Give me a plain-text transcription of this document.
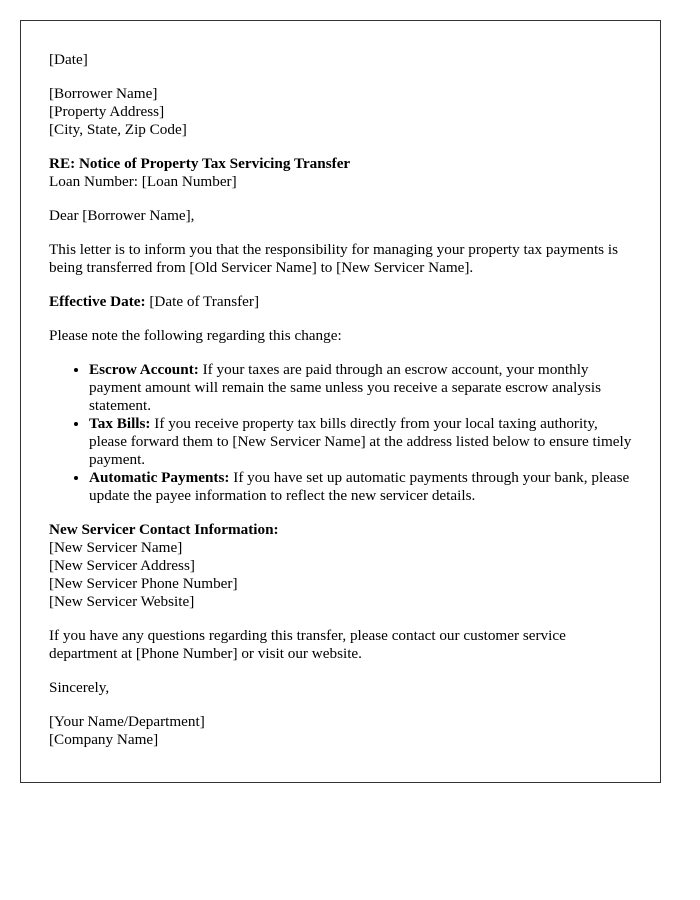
[Date]

[Borrower Name]
[Property Address]
[City, State, Zip Code]

RE: Notice of Property Tax Servicing Transfer
Loan Number: [Loan Number]

Dear [Borrower Name],

This letter is to inform you that the responsibility for managing your property tax payments is being transferred from [Old Servicer Name] to [New Servicer Name].

Effective Date: [Date of Transfer]

Please note the following regarding this change:

• Escrow Account: If your taxes are paid through an escrow account, your monthly payment amount will remain the same unless you receive a separate escrow analysis statement.
• Tax Bills: If you receive property tax bills directly from your local taxing authority, please forward them to [New Servicer Name] at the address listed below to ensure timely payment.
• Automatic Payments: If you have set up automatic payments through your bank, please update the payee information to reflect the new servicer details.

New Servicer Contact Information:
[New Servicer Name]
[New Servicer Address]
[New Servicer Phone Number]
[New Servicer Website]

If you have any questions regarding this transfer, please contact our customer service department at [Phone Number] or visit our website.

Sincerely,

[Your Name/Department]
[Company Name]
